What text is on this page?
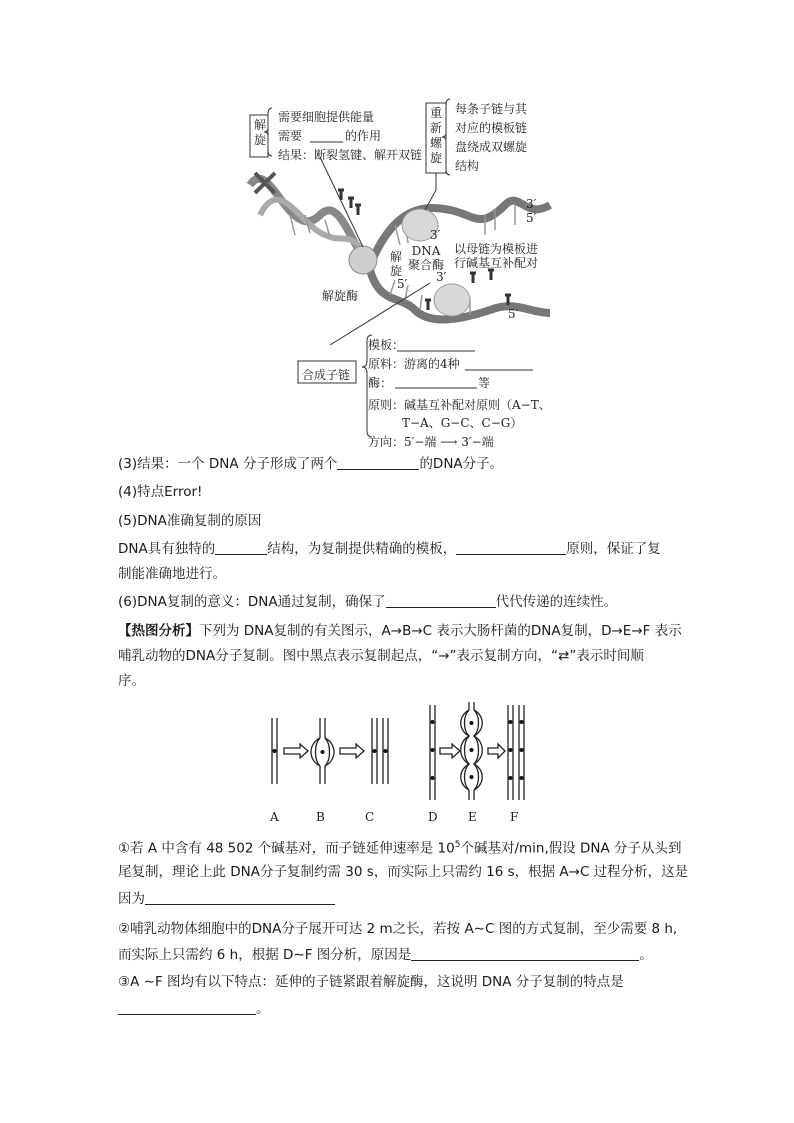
解旋
需要细胞提供能量
需要	的作用
结果：断裂氢键、解开双链
重新螺旋
每条子链与其
对应的模板链
盘绕成双螺旋
结构
3′
5′
3′
3′
5′
5′
解旋
DNA聚合酶
以母链为模板进
行碱基互补配对
解旋酶
合成子链
模板：
原料：游离的4种
酶：	等
原则：碱基互补配对原则（A−T、
T−A、G−C、C−G）
方向：5′−端 ⟶ 3′−端
(3)结果：一个 DNA 分子形成了两个	的DNA分子。
(4)特点Error!
(5)DNA准确复制的原因
DNA具有独特的	结构，为复制提供精确的模板，	原则，保证了复
制能准确地进行。
(6)DNA复制的意义：DNA通过复制，确保了	代代传递的连续性。
【热图分析】下列为 DNA复制的有关图示，A→B→C 表示大肠杆菌的DNA复制，D→E→F 表示
哺乳动物的DNA分子复制。图中黑点表示复制起点，“→”表示复制方向，“⇄”表示时间顺
序。
A	B	C	D	E	F
①若 A 中含有 48 502 个碱基对，而子链延伸速率是 $10^5$个碱基对/min,假设 DNA 分子从头到
尾复制，理论上此 DNA分子复制约需 30 s，而实际上只需约 16 s，根据 A→C 过程分析，这是
因为
②哺乳动物体细胞中的DNA分子展开可达 2 m之长，若按 A∼C 图的方式复制，至少需要 8 h,
而实际上只需约 6 h，根据 D∼F 图分析，原因是	。
③A ∼F 图均有以下特点：延伸的子链紧跟着解旋酶，这说明 DNA 分子复制的特点是
。
